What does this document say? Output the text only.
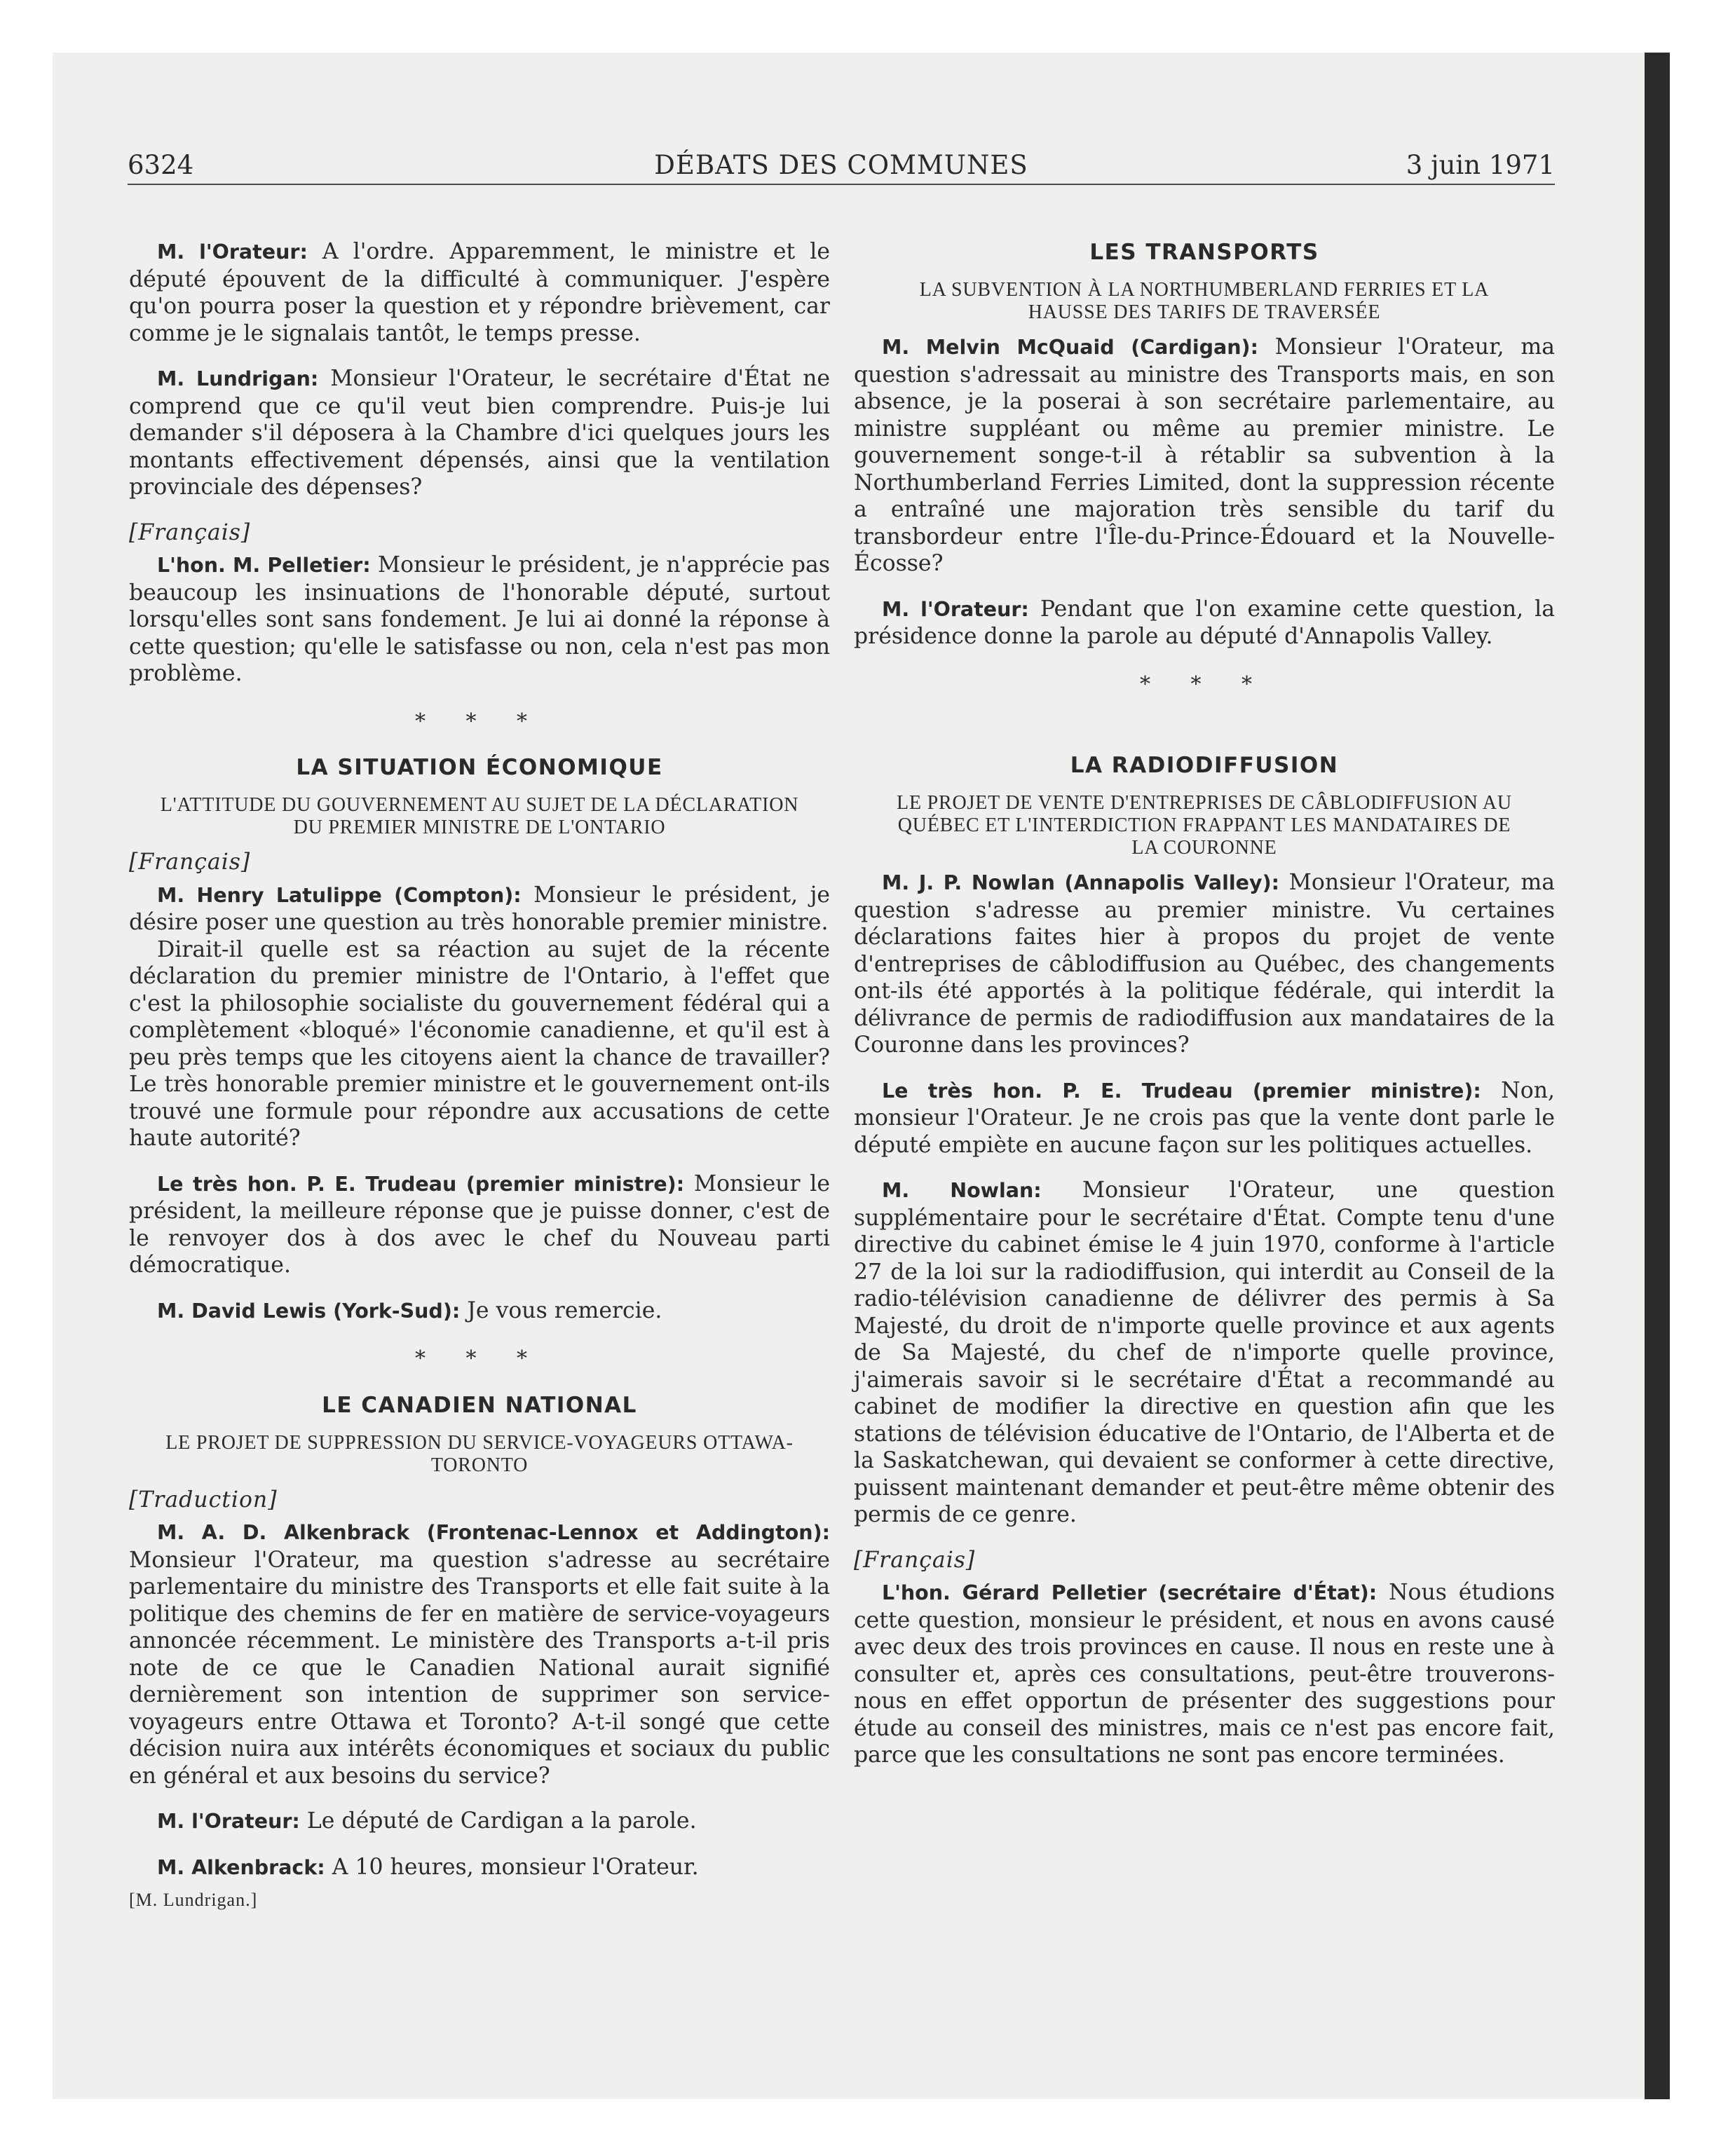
6324	DÉBATS DES COMMUNES	3 juin 1971

M. l'Orateur: A l'ordre. Apparemment, le ministre et le député épouvent de la difficulté à communiquer. J'espère qu'on pourra poser la question et y répondre brièvement, car comme je le signalais tantôt, le temps presse.

M. Lundrigan: Monsieur l'Orateur, le secrétaire d'État ne comprend que ce qu'il veut bien comprendre. Puis-je lui demander s'il déposera à la Chambre d'ici quelques jours les montants effectivement dépensés, ainsi que la ventilation provinciale des dépenses?

[Français]

L'hon. M. Pelletier: Monsieur le président, je n'apprécie pas beaucoup les insinuations de l'honorable député, surtout lorsqu'elles sont sans fondement. Je lui ai donné la réponse à cette question; qu'elle le satisfasse ou non, cela n'est pas mon problème.

* * *
LA SITUATION ÉCONOMIQUE
L'ATTITUDE DU GOUVERNEMENT AU SUJET DE LA DÉCLARATION DU PREMIER MINISTRE DE L'ONTARIO
[Français]

M. Henry Latulippe (Compton): Monsieur le président, je désire poser une question au très honorable premier ministre.

Dirait-il quelle est sa réaction au sujet de la récente déclaration du premier ministre de l'Ontario, à l'effet que c'est la philosophie socialiste du gouvernement fédéral qui a complètement «bloqué» l'économie canadienne, et qu'il est à peu près temps que les citoyens aient la chance de travailler? Le très honorable premier ministre et le gouvernement ont-ils trouvé une formule pour répondre aux accusations de cette haute autorité?

Le très hon. P. E. Trudeau (premier ministre): Monsieur le président, la meilleure réponse que je puisse donner, c'est de le renvoyer dos à dos avec le chef du Nouveau parti démocratique.

M. David Lewis (York-Sud): Je vous remercie.

* * *
LE CANADIEN NATIONAL
LE PROJET DE SUPPRESSION DU SERVICE-VOYAGEURS OTTAWA-TORONTO
[Traduction]

M. A. D. Alkenbrack (Frontenac-Lennox et Addington): Monsieur l'Orateur, ma question s'adresse au secrétaire parlementaire du ministre des Transports et elle fait suite à la politique des chemins de fer en matière de service-voyageurs annoncée récemment. Le ministère des Transports a-t-il pris note de ce que le Canadien National aurait signifié dernièrement son intention de supprimer son service-voyageurs entre Ottawa et Toronto? A-t-il songé que cette décision nuira aux intérêts économiques et sociaux du public en général et aux besoins du service?

M. l'Orateur: Le député de Cardigan a la parole.

M. Alkenbrack: A 10 heures, monsieur l'Orateur.

[M. Lundrigan.]
LES TRANSPORTS
LA SUBVENTION À LA NORTHUMBERLAND FERRIES ET LA HAUSSE DES TARIFS DE TRAVERSÉE

M. Melvin McQuaid (Cardigan): Monsieur l'Orateur, ma question s'adressait au ministre des Transports mais, en son absence, je la poserai à son secrétaire parlementaire, au ministre suppléant ou même au premier ministre. Le gouvernement songe-t-il à rétablir sa subvention à la Northumberland Ferries Limited, dont la suppression récente a entraîné une majoration très sensible du tarif du transbordeur entre l'Île-du-Prince-Édouard et la Nouvelle-Écosse?

M. l'Orateur: Pendant que l'on examine cette question, la présidence donne la parole au député d'Annapolis Valley.

* * *
LA RADIODIFFUSION
LE PROJET DE VENTE D'ENTREPRISES DE CÂBLODIFFUSION AU QUÉBEC ET L'INTERDICTION FRAPPANT LES MANDATAIRES DE LA COURONNE

M. J. P. Nowlan (Annapolis Valley): Monsieur l'Orateur, ma question s'adresse au premier ministre. Vu certaines déclarations faites hier à propos du projet de vente d'entreprises de câblodiffusion au Québec, des changements ont-ils été apportés à la politique fédérale, qui interdit la délivrance de permis de radiodiffusion aux mandataires de la Couronne dans les provinces?

Le très hon. P. E. Trudeau (premier ministre): Non, monsieur l'Orateur. Je ne crois pas que la vente dont parle le député empiète en aucune façon sur les politiques actuelles.

M. Nowlan: Monsieur l'Orateur, une question supplémentaire pour le secrétaire d'État. Compte tenu d'une directive du cabinet émise le 4 juin 1970, conforme à l'article 27 de la loi sur la radiodiffusion, qui interdit au Conseil de la radio-télévision canadienne de délivrer des permis à Sa Majesté, du droit de n'importe quelle province et aux agents de Sa Majesté, du chef de n'importe quelle province, j'aimerais savoir si le secrétaire d'État a recommandé au cabinet de modifier la directive en question afin que les stations de télévision éducative de l'Ontario, de l'Alberta et de la Saskatchewan, qui devaient se conformer à cette directive, puissent maintenant demander et peut-être même obtenir des permis de ce genre.

[Français]

L'hon. Gérard Pelletier (secrétaire d'État): Nous étudions cette question, monsieur le président, et nous en avons causé avec deux des trois provinces en cause. Il nous en reste une à consulter et, après ces consultations, peut-être trouverons-nous en effet opportun de présenter des suggestions pour étude au conseil des ministres, mais ce n'est pas encore fait, parce que les consultations ne sont pas encore terminées.
